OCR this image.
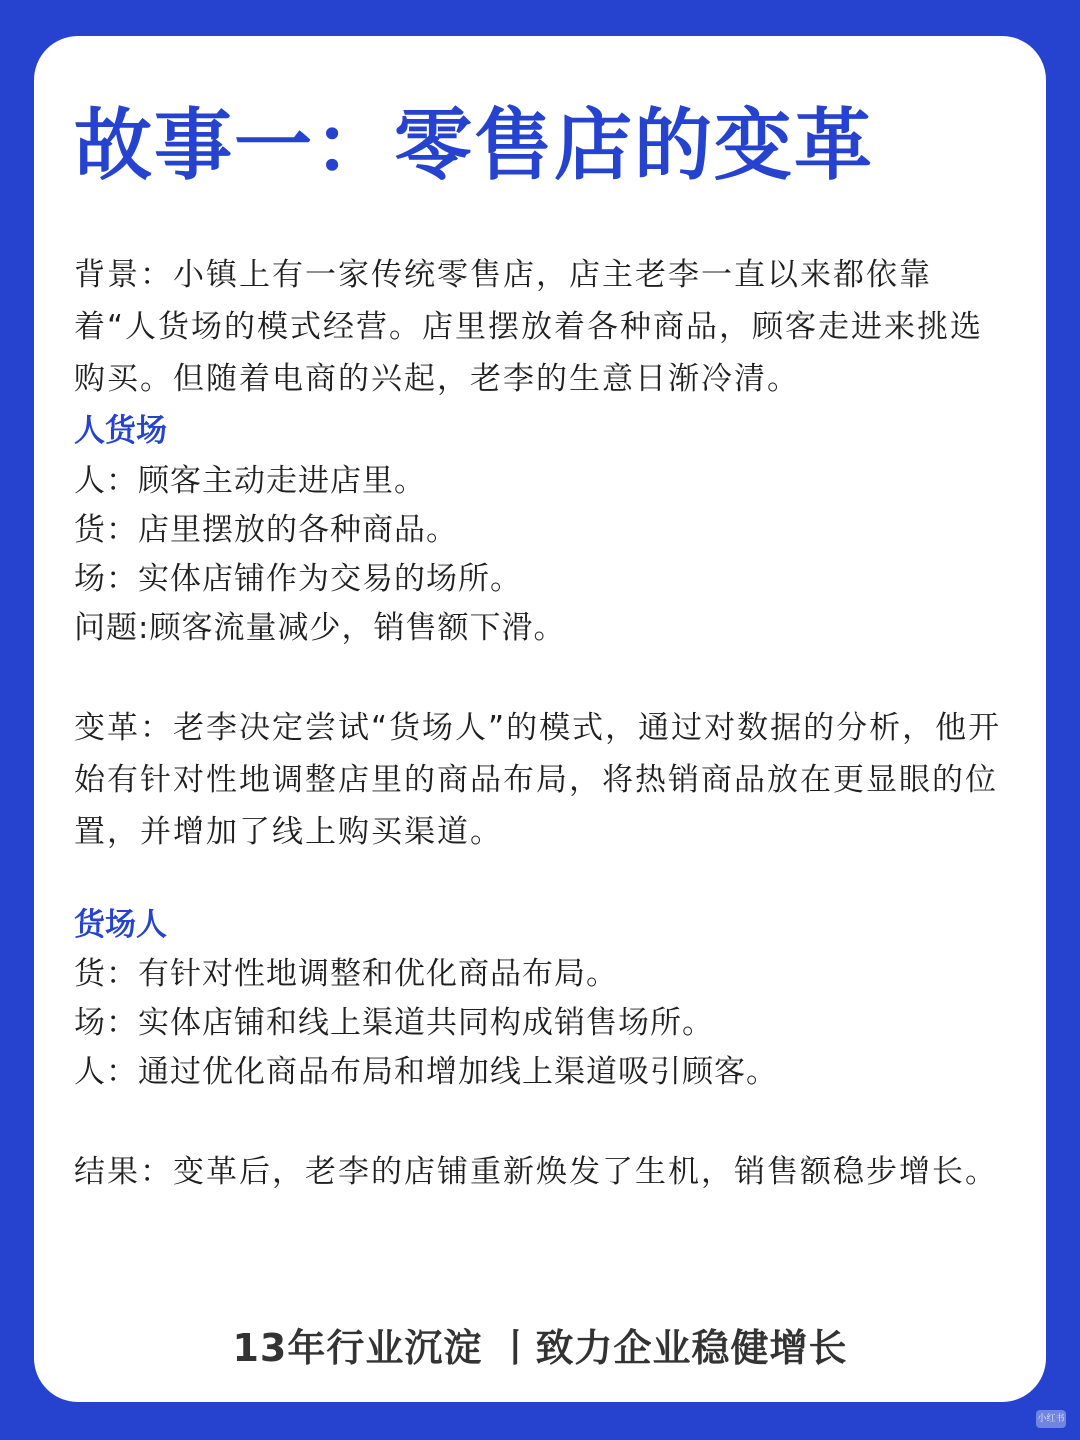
故事一：零售店的变革

背景：小镇上有一家传统零售店，店主老李一直以来都依靠着“人货场的模式经营。店里摆放着各种商品，顾客走进来挑选购买。但随着电商的兴起，老李的生意日渐冷清。

人货场
人：顾客主动走进店里。
货：店里摆放的各种商品。
场：实体店铺作为交易的场所。
问题:顾客流量减少，销售额下滑。

变革：老李决定尝试“货场人”的模式，通过对数据的分析，他开始有针对性地调整店里的商品布局，将热销商品放在更显眼的位置，并增加了线上购买渠道。

货场人
货：有针对性地调整和优化商品布局。
场：实体店铺和线上渠道共同构成销售场所。
人：通过优化商品布局和增加线上渠道吸引顾客。

结果：变革后，老李的店铺重新焕发了生机，销售额稳步增长。

13年行业沉淀 丨致力企业稳健增长
小红书
